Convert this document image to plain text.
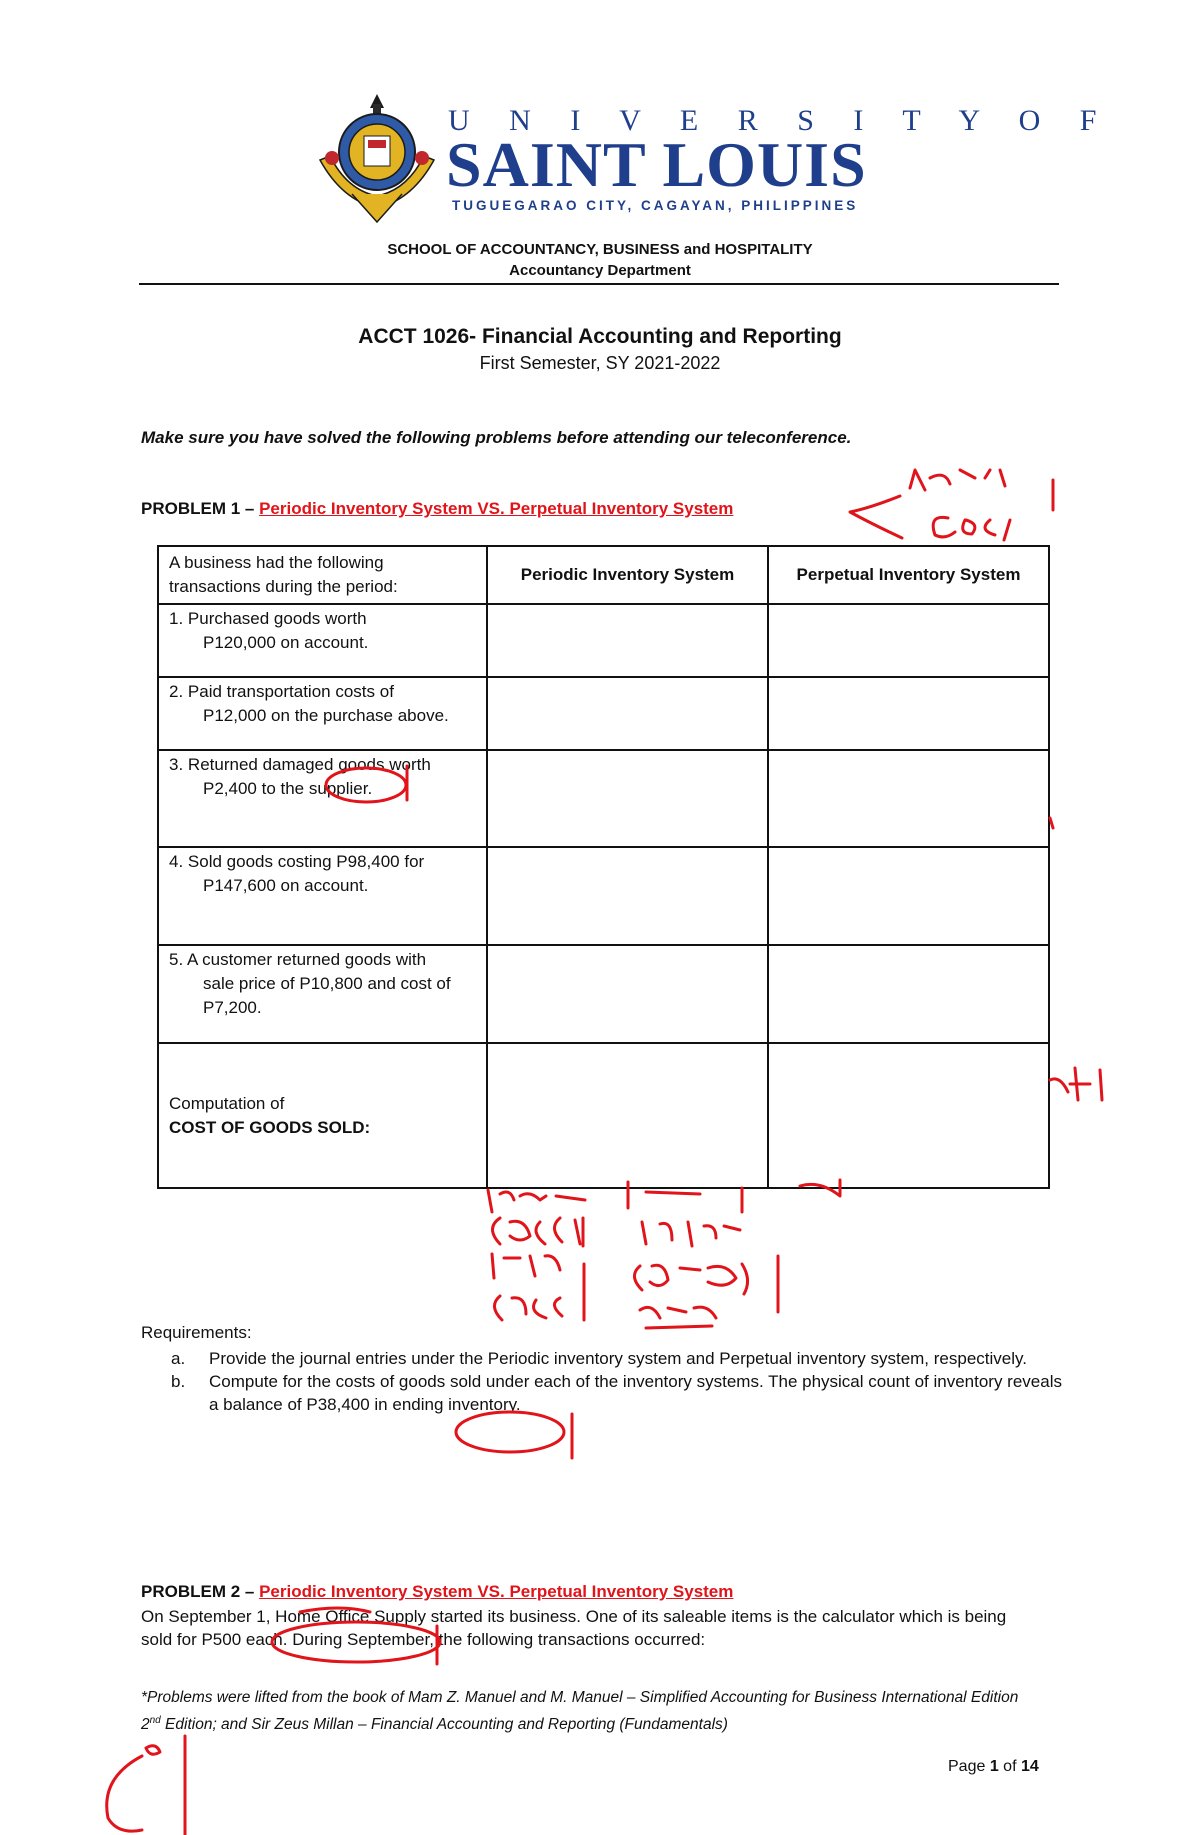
U N I V E R S I T Y O F
SAINT LOUIS
TUGUEGARAO CITY, CAGAYAN, PHILIPPINES
SCHOOL OF ACCOUNTANCY, BUSINESS and HOSPITALITY
Accountancy Department
ACCT 1026- Financial Accounting and Reporting
First Semester, SY 2021-2022
Make sure you have solved the following problems before attending our teleconference.
PROBLEM 1 – Periodic Inventory System VS. Perpetual Inventory System
A business had the following transactions during the period:	Periodic Inventory System	Perpetual Inventory System

1. Purchased goods worth
P120,000 on account.		

2. Paid transportation costs of
P12,000 on the purchase above.		

3. Returned damaged goods worth
P2,400 to the supplier.		

4. Sold goods costing P98,400 for
P147,600 on account.		

5. A customer returned goods with
sale price of P10,800 and cost of P7,200.		

Computation of
COST OF GOODS SOLD:		

Requirements:
a.	Provide the journal entries under the Periodic inventory system and Perpetual inventory system, respectively.
b.	Compute for the costs of goods sold under each of the inventory systems. The physical count of inventory reveals a balance of P38,400 in ending inventory.
PROBLEM 2 – Periodic Inventory System VS. Perpetual Inventory System
On September 1, Home Office Supply started its business. One of its saleable items is the calculator which is being sold for P500 each. During September, the following transactions occurred:
*Problems were lifted from the book of Mam Z. Manuel and M. Manuel – Simplified Accounting for Business International Edition 2nd Edition; and Sir Zeus Millan – Financial Accounting and Reporting (Fundamentals)
Page 1 of 14
